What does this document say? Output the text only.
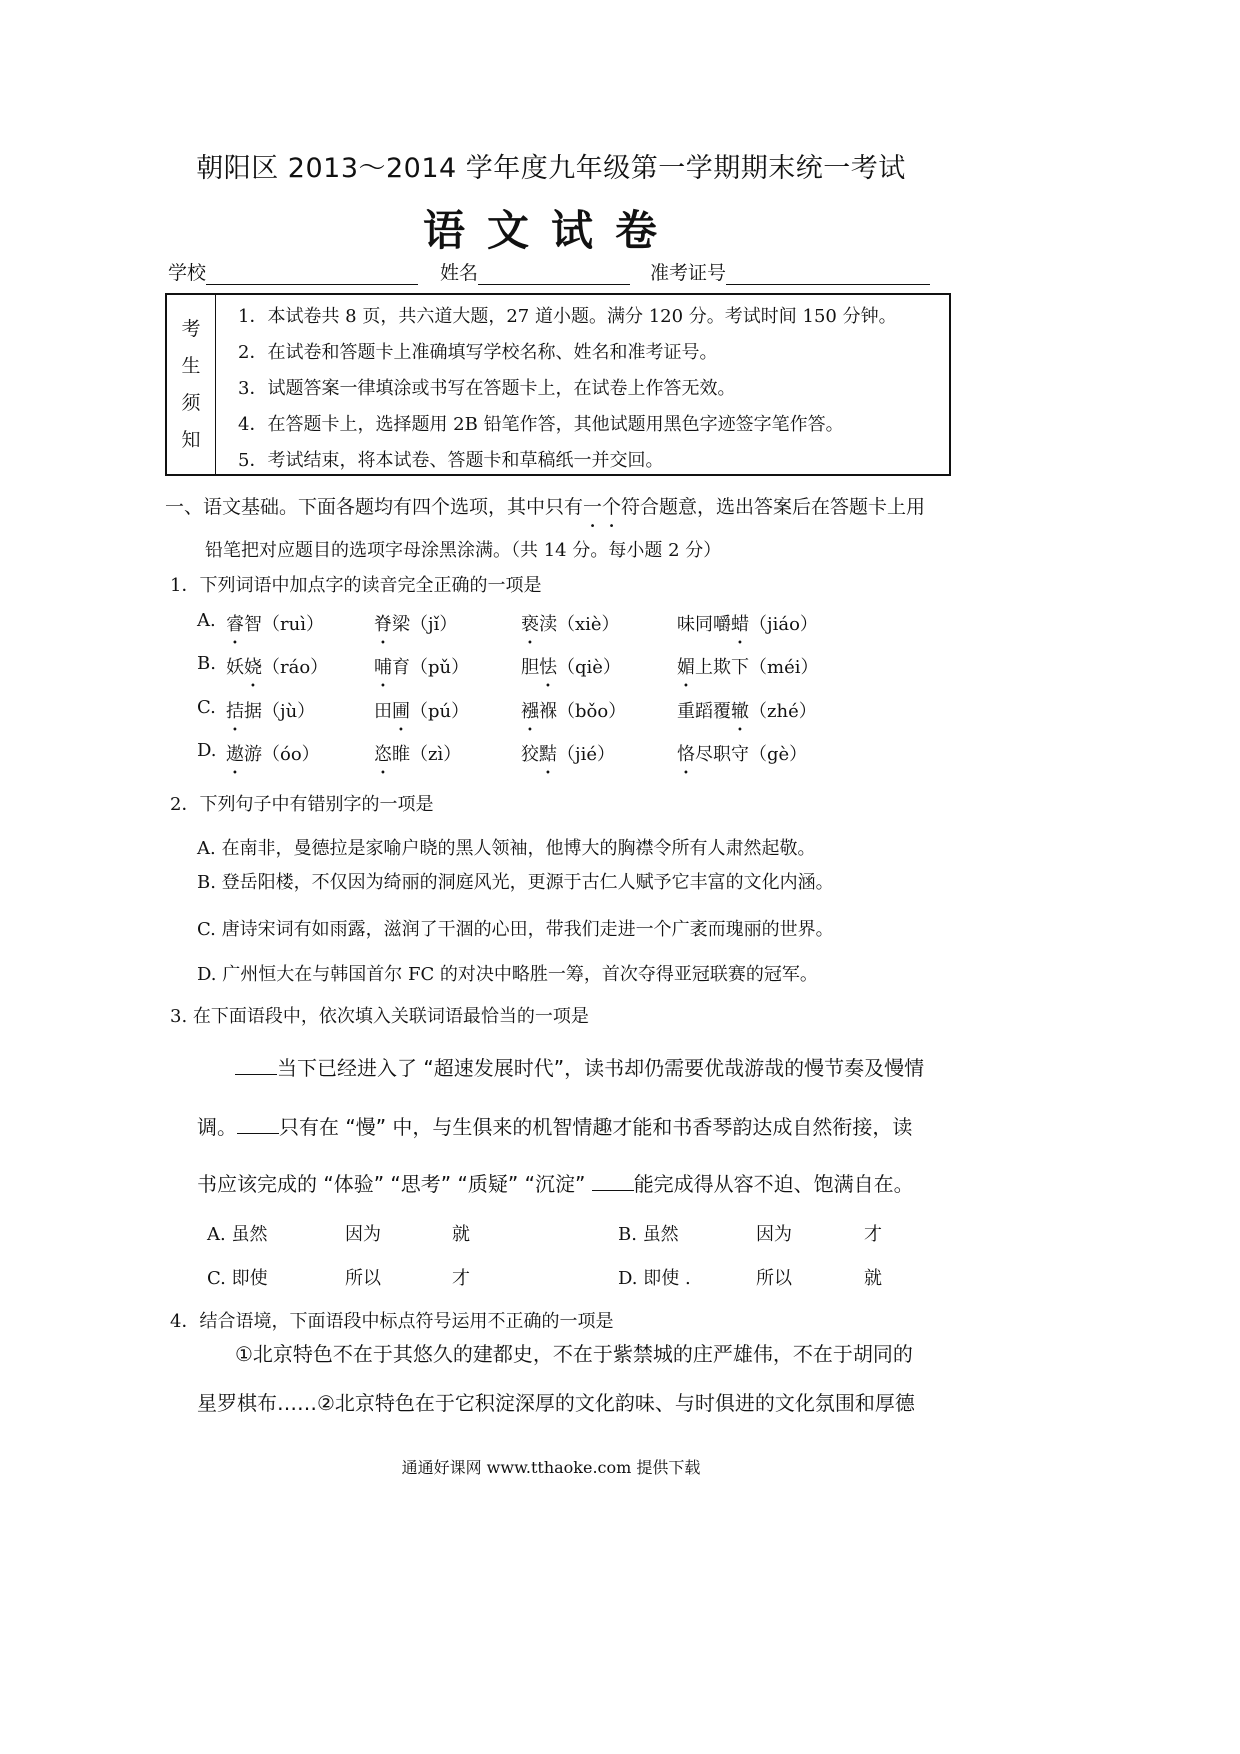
朝阳区 2013～2014 学年度九年级第一学期期末统一考试
语文试卷
学校	姓名	准考证号
考
生
须
知
1．本试卷共 8 页，共六道大题，27 道小题。满分 120 分。考试时间 150 分钟。
2．在试卷和答题卡上准确填写学校名称、姓名和准考证号。
3．试题答案一律填涂或书写在答题卡上，在试卷上作答无效。
4．在答题卡上，选择题用 2B 铅笔作答，其他试题用黑色字迹签字笔作答。
5．考试结束，将本试卷、答题卡和草稿纸一并交回。
一、语文基础。下面各题均有四个选项，其中只有一个符合题意，选出答案后在答题卡上用
铅笔把对应题目的选项字母涂黑涂满。（共 14 分。每小题 2 分）
1．下列词语中加点字的读音完全正确的一项是
A. 睿智（ruì）	脊梁（jǐ）	亵渎（xiè）	味同嚼蜡（jiáo）
B. 妖娆（ráo）	哺育（pǔ）	胆怯（qiè）	媚上欺下（méi）
C. 拮据（jù）	田圃（pú）	襁褓（bǒo）	重蹈覆辙（zhé）
D. 遨游（óo）	恣睢（zì）	狡黠（jié）	恪尽职守（gè）
2．下列句子中有错别字的一项是
A. 在南非，曼德拉是家喻户晓的黑人领袖，他博大的胸襟令所有人肃然起敬。
B. 登岳阳楼，不仅因为绮丽的洞庭风光，更源于古仁人赋予它丰富的文化内涵。
C. 唐诗宋词有如雨露，滋润了干涸的心田，带我们走进一个广袤而瑰丽的世界。
D. 广州恒大在与韩国首尔 FC 的对决中略胜一筹，首次夺得亚冠联赛的冠军。
3. 在下面语段中，依次填入关联词语最恰当的一项是
当下已经进入了 “超速发展时代”，读书却仍需要优哉游哉的慢节奏及慢情
调。 只有在 “慢” 中，与生俱来的机智情趣才能和书香琴韵达成自然衔接，读
书应该完成的 “体验” “思考” “质疑” “沉淀” 能完成得从容不迫、饱满自在。
A. 虽然	因为	就	B. 虽然	因为	才
C. 即使	所以	才	D. 即使 .	所以	就
4．结合语境，下面语段中标点符号运用不正确的一项是
①北京特色不在于其悠久的建都史，不在于紫禁城的庄严雄伟，不在于胡同的
星罗棋布……②北京特色在于它积淀深厚的文化韵味、与时俱进的文化氛围和厚德
通通好课网 www.tthaoke.com 提供下载
